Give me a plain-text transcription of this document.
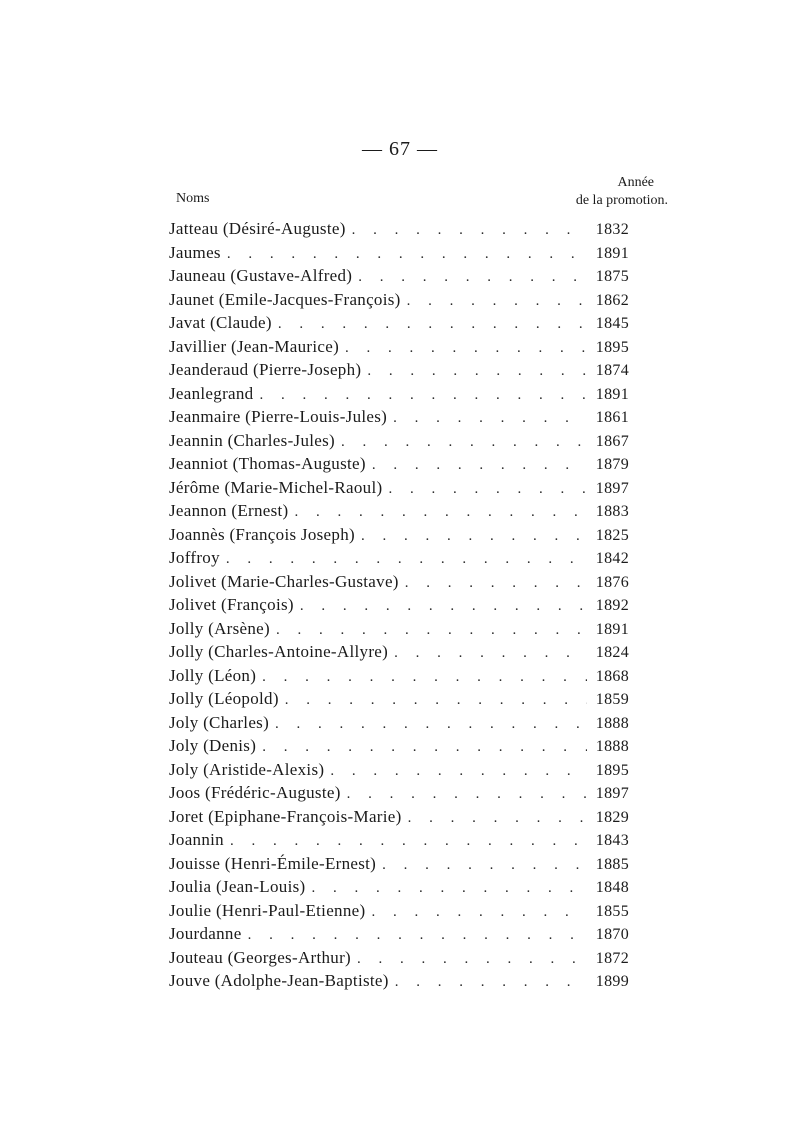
— 67 —
Noms
Année
de la promotion.
Jatteau (Désiré-Auguste) . . .	1832
Jaumes . . .	1891
Jauneau (Gustave-Alfred) . . .	1875
Jaunet (Emile-Jacques-François) . . .	1862
Javat (Claude) . . .	1845
Javillier (Jean-Maurice) . . .	1895
Jeanderaud (Pierre-Joseph) . . .	1874
Jeanlegrand . . .	1891
Jeanmaire (Pierre-Louis-Jules) . . .	1861
Jeannin (Charles-Jules) . . .	1867
Jeanniot (Thomas-Auguste) . . .	1879
Jérôme (Marie-Michel-Raoul) . . .	1897
Jeannon (Ernest) . . .	1883
Joannès (François Joseph) . . .	1825
Joffroy . . .	1842
Jolivet (Marie-Charles-Gustave) . . .	1876
Jolivet (François) . . .	1892
Jolly (Arsène) . . .	1891
Jolly (Charles-Antoine-Allyre) . . .	1824
Jolly (Léon) . . .	1868
Jolly (Léopold) . . .	1859
Joly (Charles) . . .	1888
Joly (Denis) . . .	1888
Joly (Aristide-Alexis) . . .	1895
Joos (Frédéric-Auguste) . . .	1897
Joret (Epiphane-François-Marie) . . .	1829
Joannin . . .	1843
Jouisse (Henri-Émile-Ernest) . . .	1885
Joulia (Jean-Louis) . . .	1848
Joulie (Henri-Paul-Etienne) . . .	1855
Jourdanne . . .	1870
Jouteau (Georges-Arthur) . . .	1872
Jouve (Adolphe-Jean-Baptiste) . . .	1899
